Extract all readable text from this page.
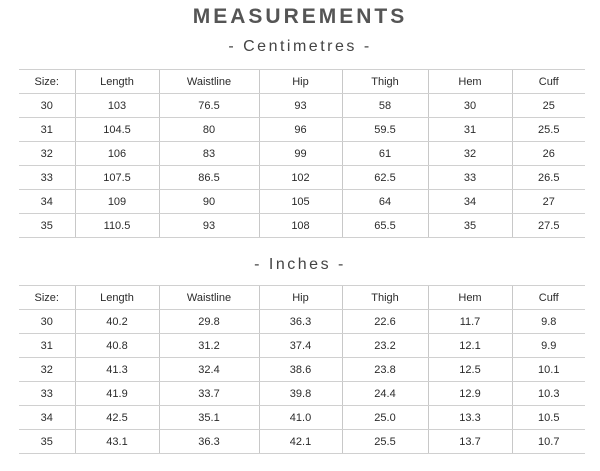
MEASUREMENTS
- Centimetres -
Size:	Length	Waistline	Hip	Thigh	Hem	Cuff
30	103	76.5	93	58	30	25
31	104.5	80	96	59.5	31	25.5
32	106	83	99	61	32	26
33	107.5	86.5	102	62.5	33	26.5
34	109	90	105	64	34	27
35	110.5	93	108	65.5	35	27.5
- Inches -
Size:	Length	Waistline	Hip	Thigh	Hem	Cuff
30	40.2	29.8	36.3	22.6	11.7	9.8
31	40.8	31.2	37.4	23.2	12.1	9.9
32	41.3	32.4	38.6	23.8	12.5	10.1
33	41.9	33.7	39.8	24.4	12.9	10.3
34	42.5	35.1	41.0	25.0	13.3	10.5
35	43.1	36.3	42.1	25.5	13.7	10.7
